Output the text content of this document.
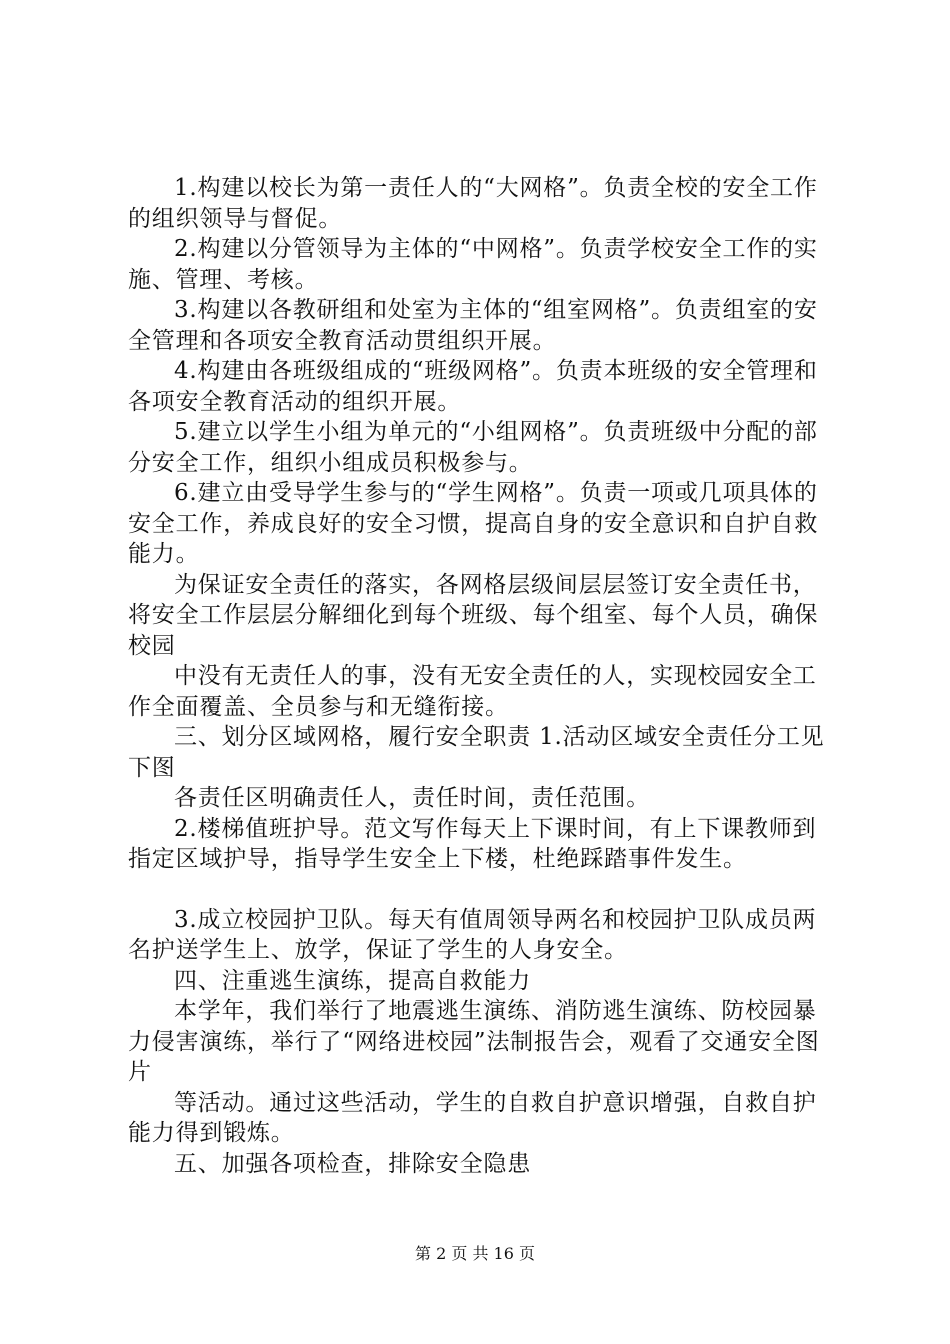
1.构建以校长为第一责任人的“大网格”。负责全校的安全工作的组织领导与督促。

2.构建以分管领导为主体的“中网格”。负责学校安全工作的实施、管理、考核。

3.构建以各教研组和处室为主体的“组室网格”。负责组室的安全管理和各项安全教育活动贯组织开展。

4.构建由各班级组成的“班级网格”。负责本班级的安全管理和各项安全教育活动的组织开展。

5.建立以学生小组为单元的“小组网格”。负责班级中分配的部分安全工作，组织小组成员积极参与。

6.建立由受导学生参与的“学生网格”。负责一项或几项具体的安全工作，养成良好的安全习惯，提高自身的安全意识和自护自救能力。

为保证安全责任的落实，各网格层级间层层签订安全责任书，将安全工作层层分解细化到每个班级、每个组室、每个人员，确保校园

中没有无责任人的事，没有无安全责任的人，实现校园安全工作全面覆盖、全员参与和无缝衔接。

三、划分区域网格，履行安全职责 1.活动区域安全责任分工见下图

各责任区明确责任人，责任时间，责任范围。

2.楼梯值班护导。范文写作每天上下课时间，有上下课教师到指定区域护导，指导学生安全上下楼，杜绝踩踏事件发生。

3.成立校园护卫队。每天有值周领导两名和校园护卫队成员两名护送学生上、放学，保证了学生的人身安全。

四、注重逃生演练，提高自救能力

本学年，我们举行了地震逃生演练、消防逃生演练、防校园暴力侵害演练，举行了“网络进校园”法制报告会，观看了交通安全图片

等活动。通过这些活动，学生的自救自护意识增强，自救自护能力得到锻炼。

五、加强各项检查，排除安全隐患

第 2 页 共 16 页
